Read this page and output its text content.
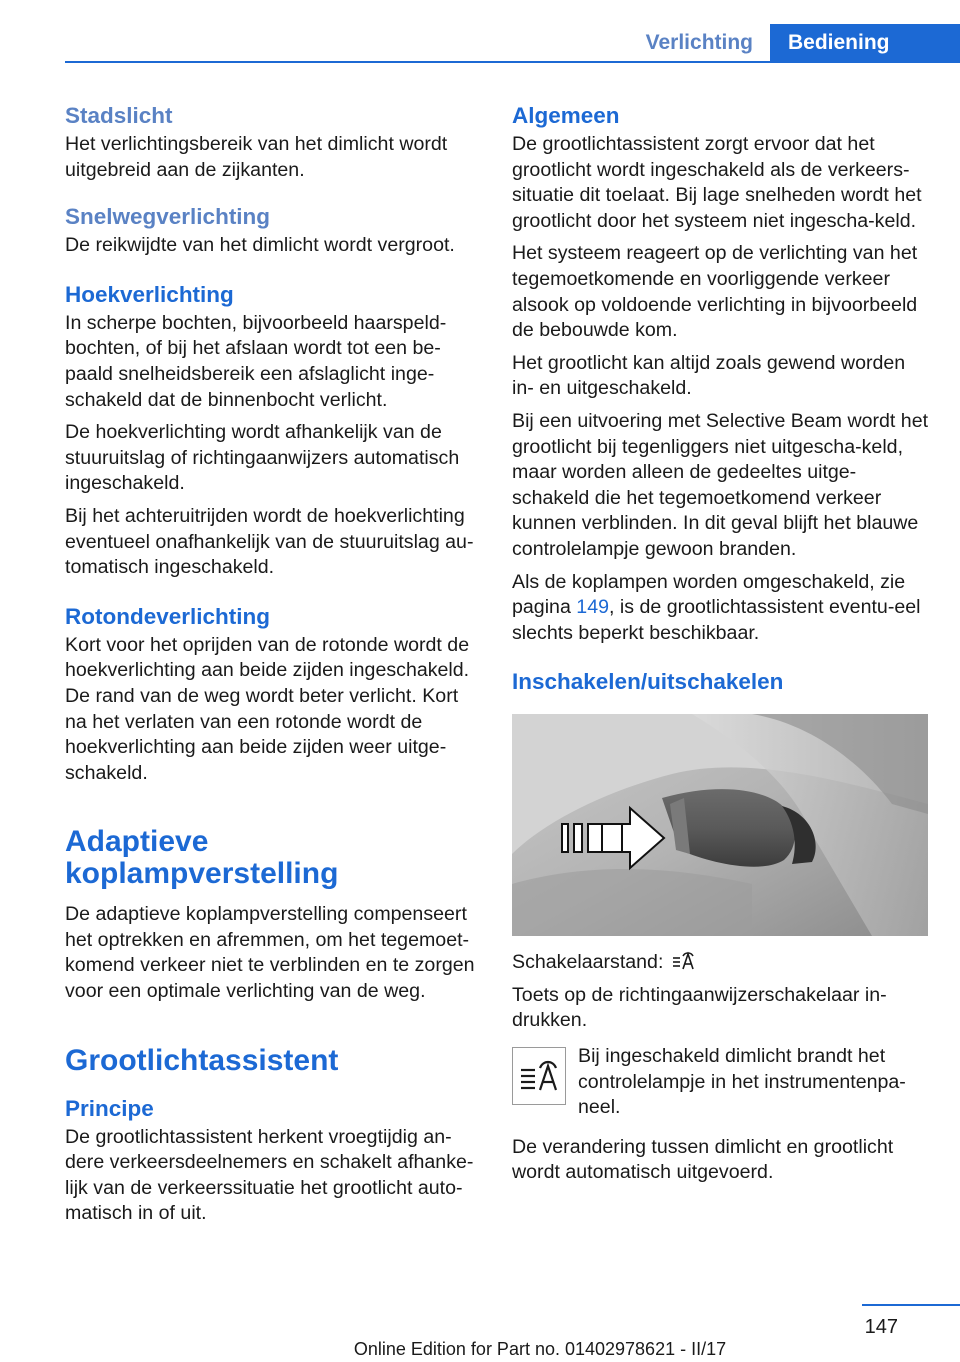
Verlichting	Bediening
Stadslicht

Het verlichtingsbereik van het dimlicht wordt uitgebreid aan de zijkanten.

Snelwegverlichting

De reikwijdte van het dimlicht wordt vergroot.

Hoekverlichting

In scherpe bochten, bijvoorbeeld haarspeld-bochten, of bij het afslaan wordt tot een be-paald snelheidsbereik een afslaglicht inge-schakeld dat de binnenbocht verlicht.

De hoekverlichting wordt afhankelijk van de stuuruitslag of richtingaanwijzers automatisch ingeschakeld.

Bij het achteruitrijden wordt de hoekverlichting eventueel onafhankelijk van de stuuruitslag au-tomatisch ingeschakeld.

Rotondeverlichting

Kort voor het oprijden van de rotonde wordt de hoekverlichting aan beide zijden ingeschakeld. De rand van de weg wordt beter verlicht. Kort na het verlaten van een rotonde wordt de hoekverlichting aan beide zijden weer uitge-schakeld.

Adaptieve
koplampverstelling

De adaptieve koplampverstelling compenseert het optrekken en afremmen, om het tegemoet-komend verkeer niet te verblinden en te zorgen voor een optimale verlichting van de weg.

Grootlichtassistent
Principe

De grootlichtassistent herkent vroegtijdig an-dere verkeersdeelnemers en schakelt afhanke-lijk van de verkeerssituatie het grootlicht auto-matisch in of uit.

Algemeen

De grootlichtassistent zorgt ervoor dat het grootlicht wordt ingeschakeld als de verkeers-situatie dit toelaat. Bij lage snelheden wordt het grootlicht door het systeem niet ingescha-keld.

Het systeem reageert op de verlichting van het tegemoetkomende en voorliggende verkeer alsook op voldoende verlichting in bijvoorbeeld de bebouwde kom.

Het grootlicht kan altijd zoals gewend worden in- en uitgeschakeld.

Bij een uitvoering met Selective Beam wordt het grootlicht bij tegenliggers niet uitgescha-keld, maar worden alleen de gedeeltes uitge-schakeld die het tegemoetkomend verkeer kunnen verblinden. In dit geval blijft het blauwe controlelampje gewoon branden.

Als de koplampen worden omgeschakeld, zie pagina 149, is de grootlichtassistent eventu-eel slechts beperkt beschikbaar.

Inschakelen/uitschakelen

Schakelaarstand:

Toets op de richtingaanwijzerschakelaar in-drukken.

Bij ingeschakeld dimlicht brandt het controlelampje in het instrumentenpa-neel.

De verandering tussen dimlicht en grootlicht wordt automatisch uitgevoerd.

147
Online Edition for Part no. 01402978621 - II/17
